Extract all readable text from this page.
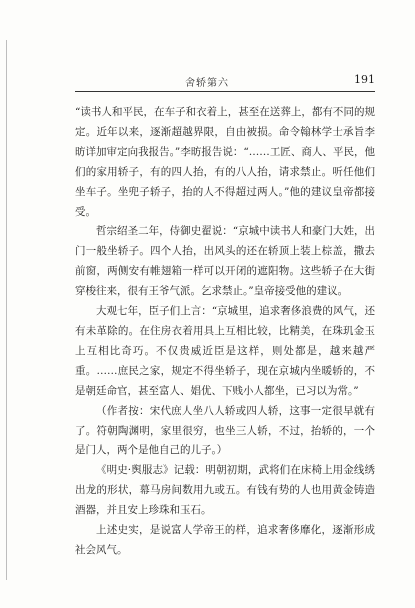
舍轿第六	191

“读书人和平民，在车子和衣着上，甚至在送葬上，都有不同的规定。近年以来，逐渐超越界限，自由被损。命令翰林学士承旨李昉详加审定向我报告。”李昉报告说：“……工匠、商人、平民，他们的家用轿子，有的四人抬，有的八人抬，请求禁止。听任他们坐车子。坐兜子轿子，抬的人不得超过两人。”他的建议皇帝都接受。

哲宗绍圣二年，侍御史翟说：“京城中读书人和豪门大姓，出门一般坐轿子。四个人抬，出风头的还在轿顶上装上棕盖，撒去前窗，两侧安有帷翅箱一样可以开闭的遮阳物。这些轿子在大街穿梭往来，很有王爷气派。乞求禁止。”皇帝接受他的建议。

大观七年，臣子们上言：“京城里，追求奢侈浪费的风气，还有未革除的。在住房衣着用具上互相比较，比精美，在珠玑金玉上互相比奇巧。不仅贵威近臣是这样，则处都是，越来越严重。……庶民之家，规定不得坐轿子，现在京城内坐暖轿的，不是朝廷命官，甚至富人、娼优、下贱小人都坐，已习以为常。”

（作者按：宋代庶人坐八人轿或四人轿，这事一定很早就有了。符朝陶渊明，家里很穷，也坐三人轿，不过，抬轿的，一个是门人，两个是他自己的儿子。）

《明史·舆服志》记载：明朝初期，武将们在床椅上用金线绣出龙的形状，幕马房间数用九或五。有钱有势的人也用黄金铸造酒器，并且安上珍珠和玉石。

上述史实，是说富人学帝王的样，追求奢侈靡化，逐渐形成社会风气。
